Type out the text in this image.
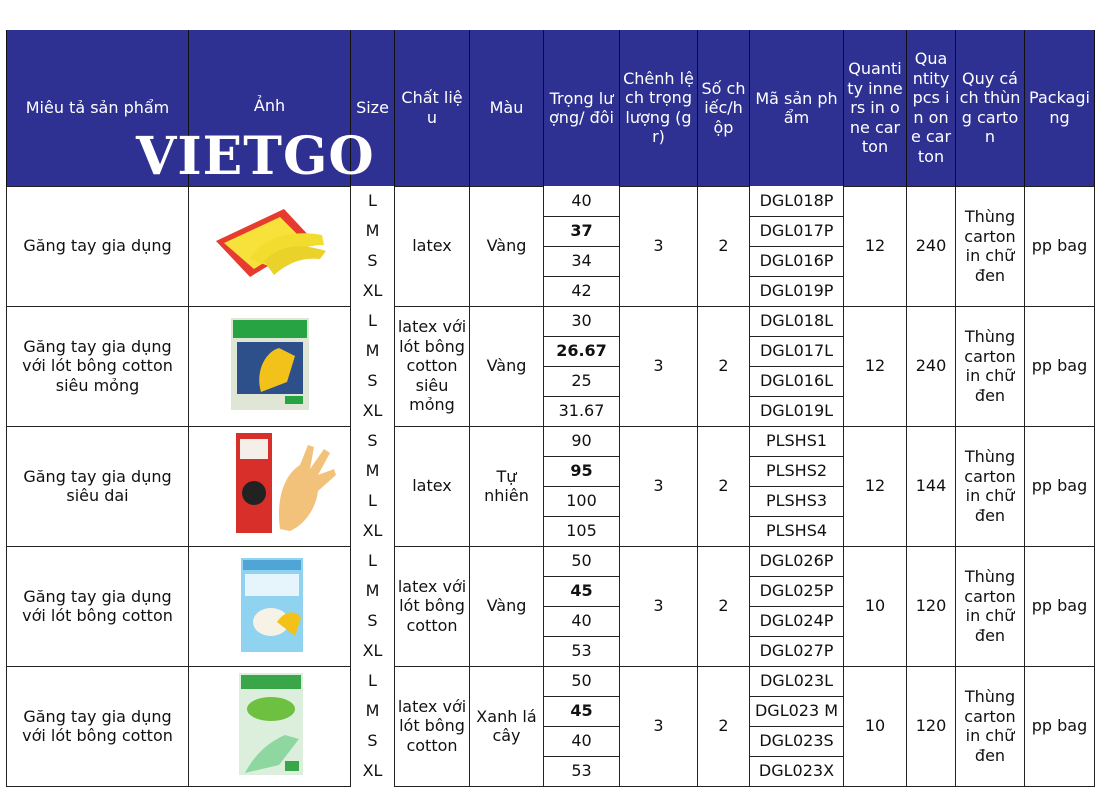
Miêu tả sản phẩm	Ảnh	Size	Chất liệu	Màu	Trọng lượng/ đôi	Chênh lệch trọng lượng (gr)	Số chiếc/hộp	Mã sản phẩm	Quantity inners in one carton	Quantity pcs in one carton	Quy cách thùng carton	Packaging
Găng tay gia dụng		L	latex	Vàng	40	3	2	DGL018P	12	240	Thùng carton in chữ đen	pp bag
		M			37			DGL017P				
		S			34			DGL016P				
		XL			42			DGL019P				
Găng tay gia dụng với lót bông cotton siêu mỏng		L	latex với lót bông cotton siêu mỏng	Vàng	30	3	2	DGL018L	12	240	Thùng carton in chữ đen	pp bag
		M			26.67			DGL017L				
		S			25			DGL016L				
		XL			31.67			DGL019L				
Găng tay gia dụng siêu dai		S	latex	Tự nhiên	90	3	2	PLSHS1	12	144	Thùng carton in chữ đen	pp bag
		M			95			PLSHS2				
		L			100			PLSHS3				
		XL			105			PLSHS4				
Găng tay gia dụng với lót bông cotton		L	latex với lót bông cotton	Vàng	50	3	2	DGL026P	10	120	Thùng carton in chữ đen	pp bag
		M			45			DGL025P				
		S			40			DGL024P				
		XL			53			DGL027P				
Găng tay gia dụng với lót bông cotton		L	latex với lót bông cotton	Xanh lá cây	50	3	2	DGL023L	10	120	Thùng carton in chữ đen	pp bag
		M			45			DGL023 M				
		S			40			DGL023S				
		XL			53			DGL023X				
VIETGO
